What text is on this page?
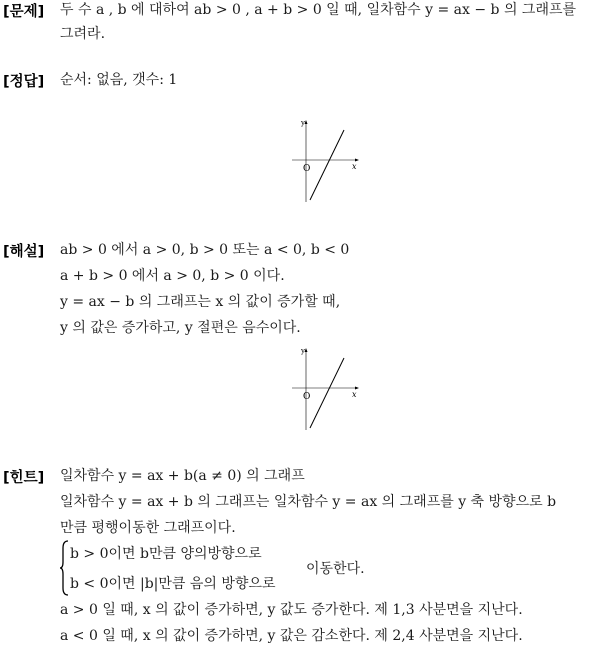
[문제] 두 수 a , b 에 대하여 ab > 0 , a + b > 0 일 때, 일차함수 y = ax − b 의 그래프를
그려라.
[정답] 순서: 없음, 갯수: 1
y
x
O
[해설] ab > 0 에서 a > 0, b > 0 또는 a < 0, b < 0
a + b > 0 에서 a > 0, b > 0 이다.
y = ax − b 의 그래프는 x 의 값이 증가할 때,
y 의 값은 증가하고, y 절편은 음수이다.
y
x
O
[힌트] 일차함수 y = ax + b(a ≠ 0) 의 그래프
일차함수 y = ax + b 의 그래프는 일차함수 y = ax 의 그래프를 y 축 방향으로 b
만큼 평행이동한 그래프이다.
b > 0이면 b만큼 양의방향으로
b < 0이면 |b|만큼 음의 방향으로
이동한다.
a > 0 일 때, x 의 값이 증가하면, y 값도 증가한다. 제 1,3 사분면을 지난다.
a < 0 일 때, x 의 값이 증가하면, y 값은 감소한다. 제 2,4 사분면을 지난다.
